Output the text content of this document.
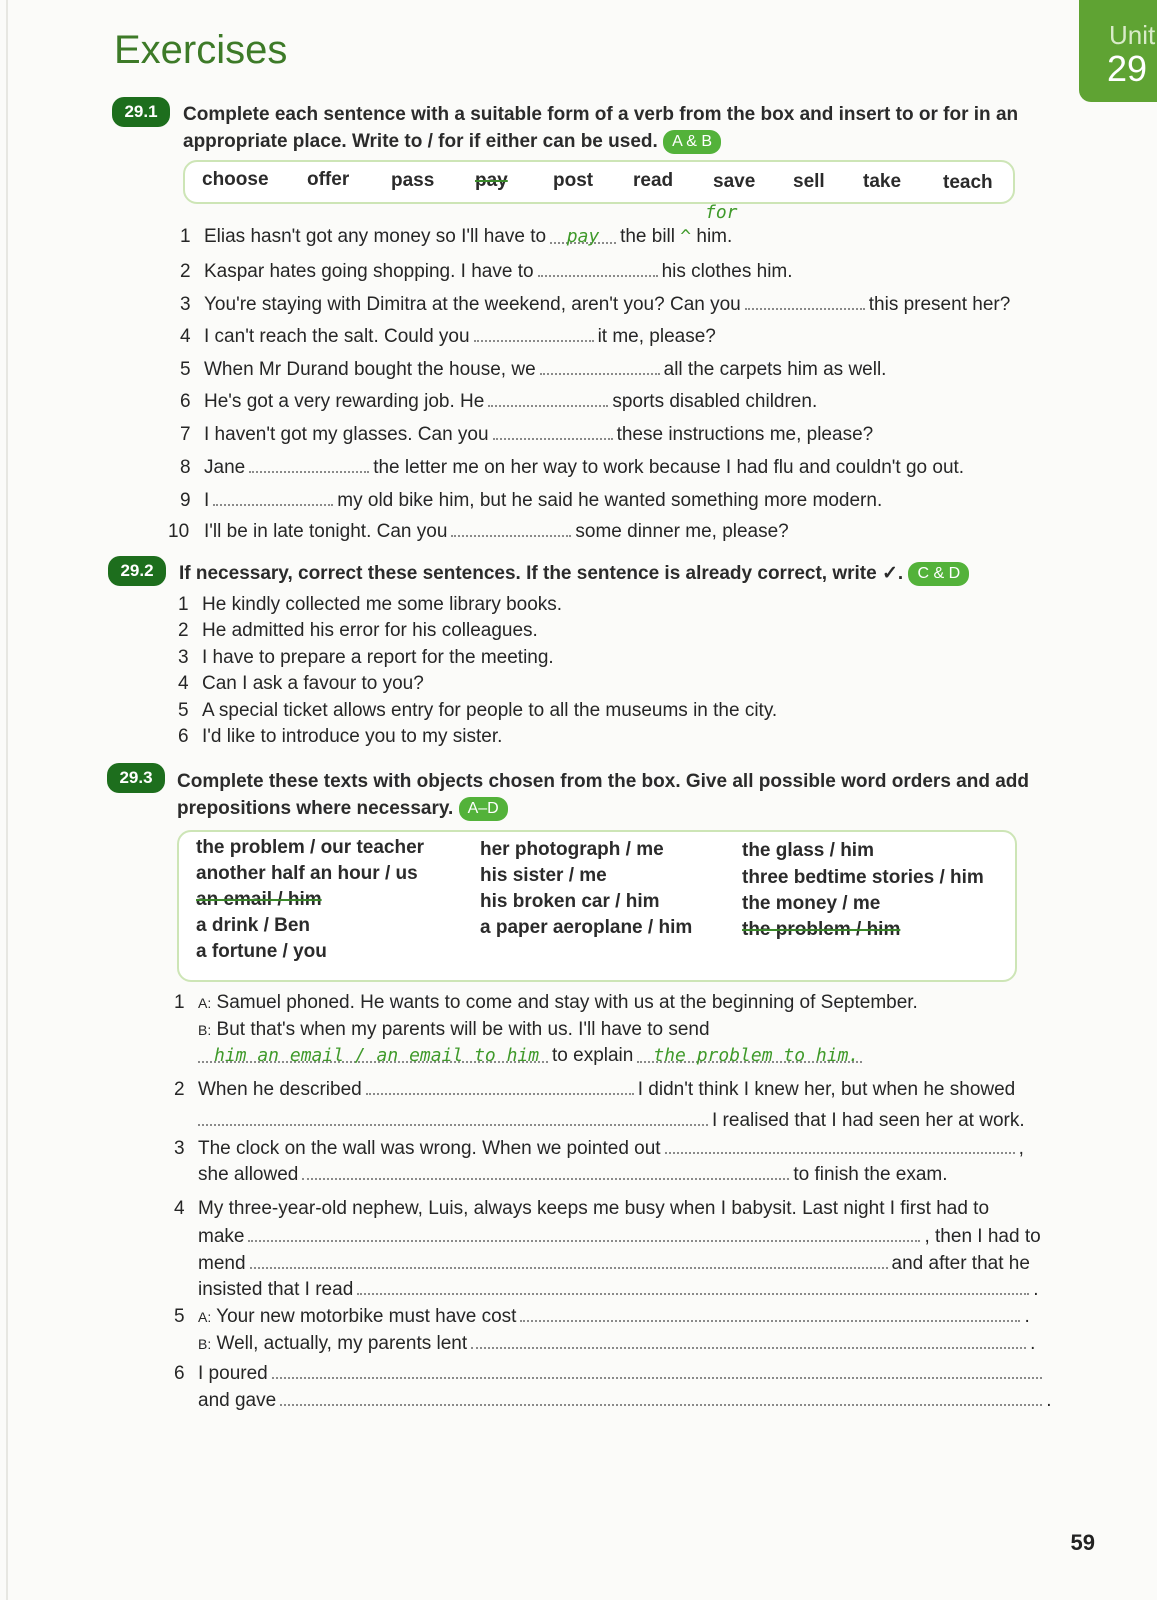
Exercises	Unit
29
29.1	Complete each sentence with a suitable form of a verb from the box and insert to or for in an appropriate place. Write to / for if either can be used. A & B
choose offer pass pay post read save sell take teach
for
1 Elias hasn't got any money so I'll have to pay the bill ^ him.
2 Kaspar hates going shopping. I have to	his clothes him.
3 You're staying with Dimitra at the weekend, aren't you? Can you	this present her?
4 I can't reach the salt. Could you	it me, please?
5 When Mr Durand bought the house, we	all the carpets him as well.
6 He's got a very rewarding job. He	sports disabled children.
7 I haven't got my glasses. Can you	these instructions me, please?
8 Jane	the letter me on her way to work because I had flu and couldn't go out.
9 I	my old bike him, but he said he wanted something more modern.
10 I'll be in late tonight. Can you	some dinner me, please?
29.2	If necessary, correct these sentences. If the sentence is already correct, write ✓. C & D
1 He kindly collected me some library books.
2 He admitted his error for his colleagues.
3 I have to prepare a report for the meeting.
4 Can I ask a favour to you?
5 A special ticket allows entry for people to all the museums in the city.
6 I'd like to introduce you to my sister.
29.3	Complete these texts with objects chosen from the box. Give all possible word orders and add prepositions where necessary. A–D
the problem / our teacher
another half an hour / us
an email / him
a drink / Ben
a fortune / you
her photograph / me
his sister / me
his broken car / him
a paper aeroplane / him
the glass / him
three bedtime stories / him
the money / me
the problem / him
1 A: Samuel phoned. He wants to come and stay with us at the beginning of September.
B: But that's when my parents will be with us. I'll have to send
him an email / an email to him to explain the problem to him.
2 When he described	I didn't think I knew her, but when he showed
I realised that I had seen her at work.
3 The clock on the wall was wrong. When we pointed out	,
she allowed	to finish the exam.
4 My three-year-old nephew, Luis, always keeps me busy when I babysit. Last night I first had to
make	, then I had to
mend	and after that he
insisted that I read	.
5 A: Your new motorbike must have cost	.
B: Well, actually, my parents lent	.
6 I poured
and gave	.
59
